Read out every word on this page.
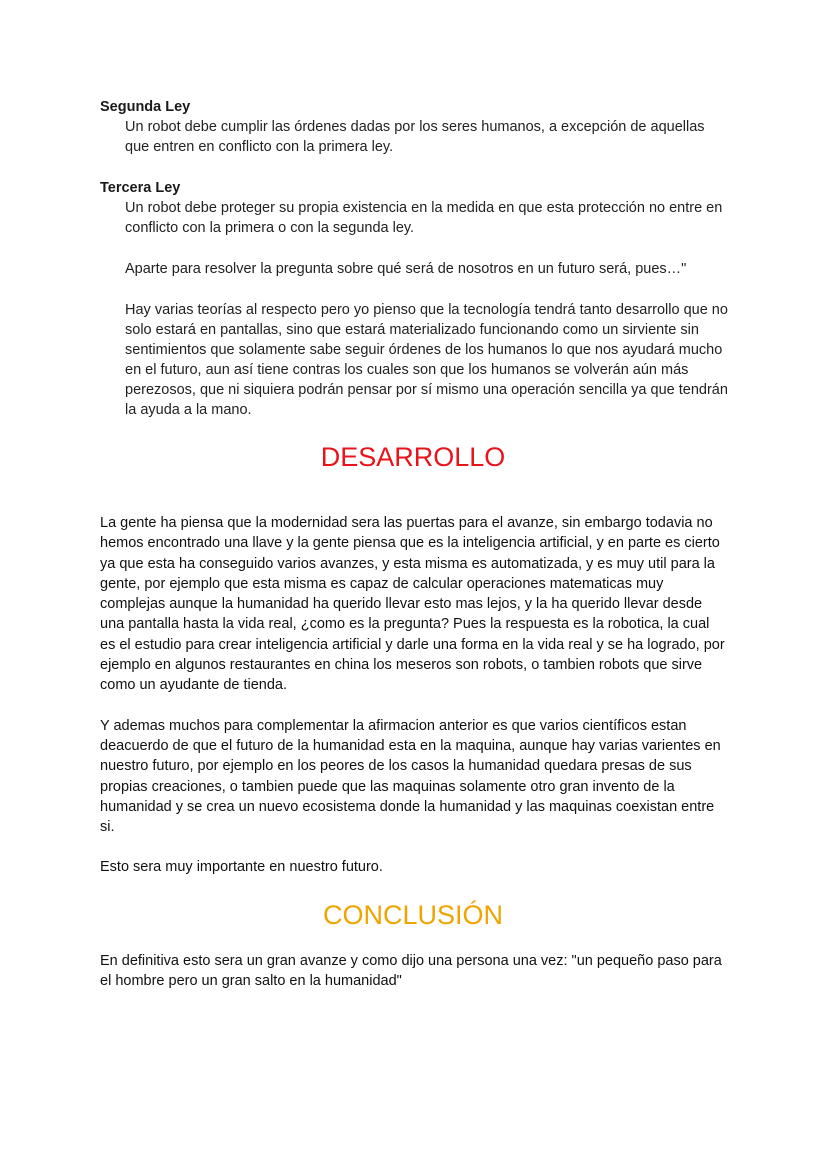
Segunda Ley

Un robot debe cumplir las órdenes dadas por los seres humanos, a excepción de aquellas que entren en conflicto con la primera ley.

Tercera Ley

Un robot debe proteger su propia existencia en la medida en que esta protección no entre en conflicto con la primera o con la segunda ley.

Aparte para resolver la pregunta sobre qué será de nosotros en un futuro será, pues…"

Hay varias teorías al respecto pero yo pienso que la tecnología tendrá tanto desarrollo que no solo estará en pantallas, sino que estará materializado funcionando como un sirviente sin sentimientos que solamente sabe seguir órdenes de los humanos lo que nos ayudará mucho en el futuro, aun así tiene contras los cuales son que los humanos se volverán aún más perezosos, que ni siquiera podrán pensar por sí mismo una operación sencilla ya que tendrán la ayuda a la mano.

DESARROLLO

La gente ha piensa que la modernidad sera las puertas para el avanze, sin embargo todavia no hemos encontrado una llave y la gente piensa que es la inteligencia artificial, y en parte es cierto ya que esta ha conseguido varios avanzes, y esta misma es automatizada, y es muy util para la gente, por ejemplo que esta misma es capaz de calcular operaciones matematicas muy complejas aunque la humanidad ha querido llevar esto mas lejos, y la ha querido llevar desde una pantalla hasta la vida real, ¿como es la pregunta? Pues la respuesta es la robotica, la cual es el estudio para crear inteligencia artificial y darle una forma en la vida real y se ha logrado, por ejemplo en algunos restaurantes en china los meseros son robots, o tambien robots que sirve como un ayudante de tienda.

Y ademas muchos para complementar la afirmacion anterior es que varios científicos estan deacuerdo de que el futuro de la humanidad esta en la maquina, aunque hay varias varientes en nuestro futuro, por ejemplo en los peores de los casos la humanidad quedara presas de sus propias creaciones, o tambien puede que las maquinas solamente otro gran invento de la humanidad y se crea un nuevo ecosistema donde la humanidad y las maquinas coexistan entre si.

Esto sera muy importante en nuestro futuro.

CONCLUSIÓN

En definitiva esto sera un gran avanze y como dijo una persona una vez: "un pequeño paso para el hombre pero un gran salto en la humanidad"
